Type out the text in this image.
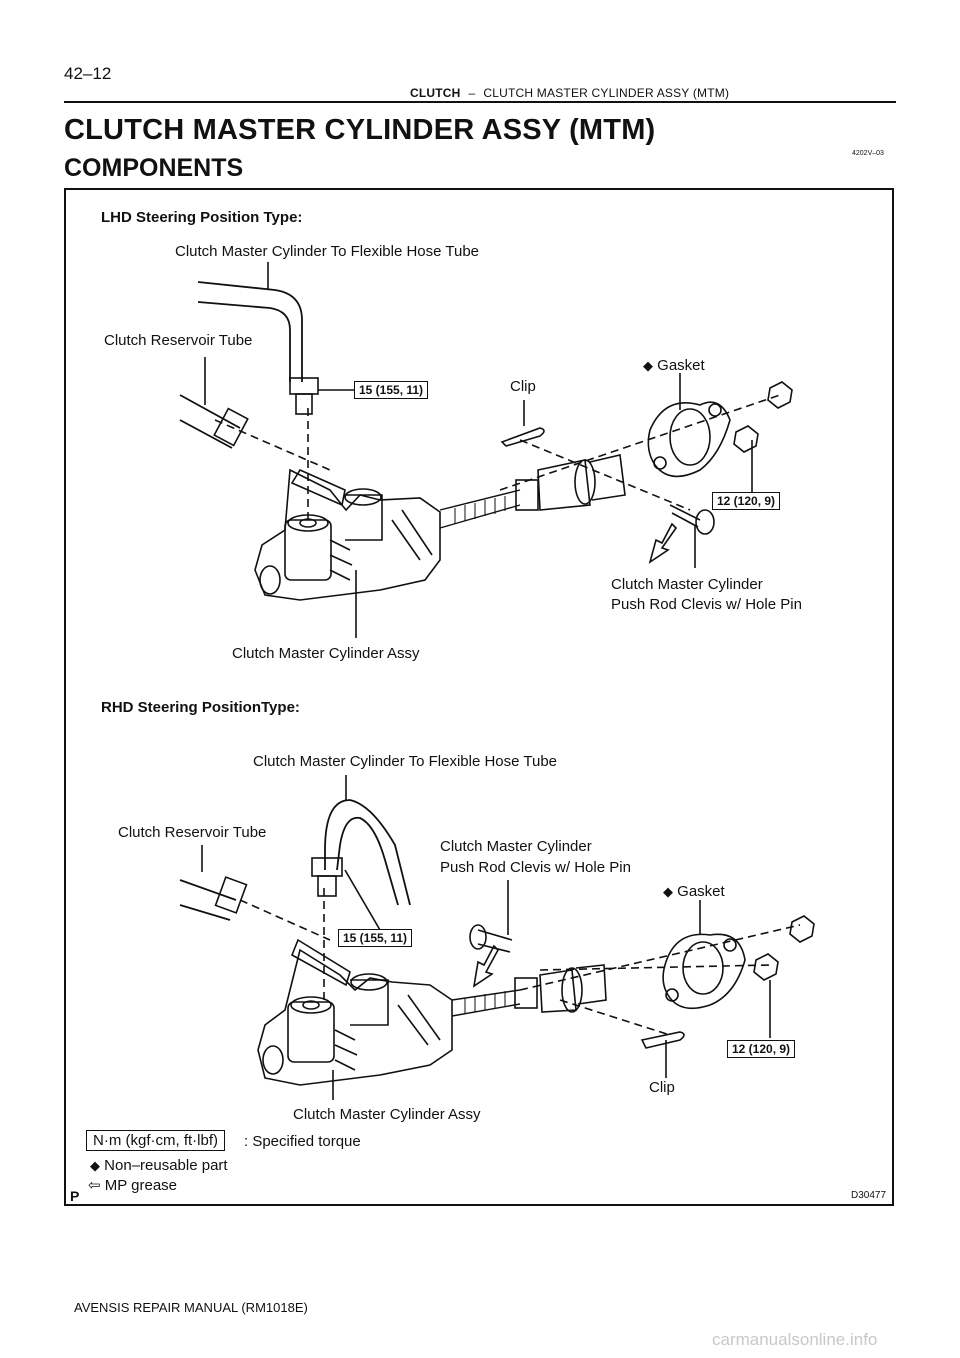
42–12
CLUTCH – CLUTCH MASTER CYLINDER ASSY (MTM)
CLUTCH MASTER CYLINDER ASSY (MTM)
COMPONENTS
4202V–03
LHD Steering Position Type:
Clutch Master Cylinder To Flexible Hose Tube
Clutch Reservoir Tube
15 (155, 11)	Clip
◆ Gasket
12 (120, 9)
Clutch Master Cylinder
Push Rod Clevis w/ Hole Pin
Clutch Master Cylinder Assy
RHD Steering PositionType:
Clutch Master Cylinder To Flexible Hose Tube
Clutch Reservoir Tube
Clutch Master Cylinder
Push Rod Clevis w/ Hole Pin
◆ Gasket
15 (155, 11)
12 (120, 9)
Clip
Clutch Master Cylinder Assy
N·m (kgf·cm, ft·lbf)	: Specified torque
◆ Non–reusable part
⇦ MP grease
P	D30477
AVENSIS REPAIR MANUAL (RM1018E)
carmanualsonline.info
